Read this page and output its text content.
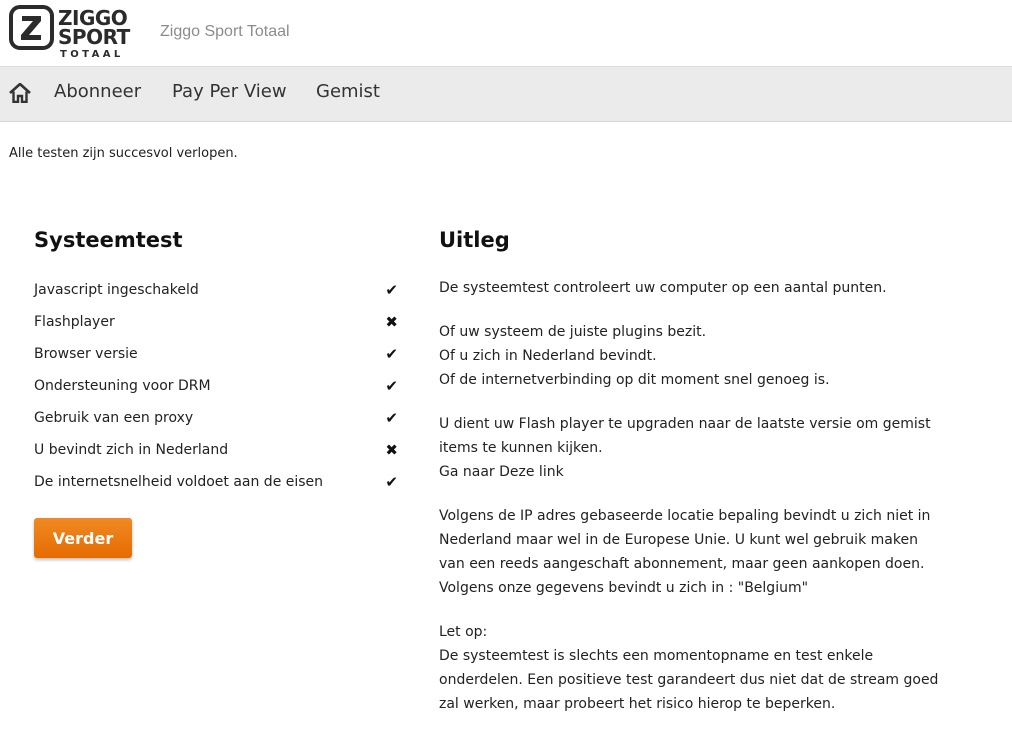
ZIGGO
SPORT
TOTAAL
Ziggo Sport Totaal
Abonneer Pay Per View Gemist
Alle testen zijn succesvol verlopen.
Systeemtest
Javascript ingeschakeld	✔
Flashplayer	✖
Browser versie	✔
Ondersteuning voor DRM	✔
Gebruik van een proxy	✔
U bevindt zich in Nederland	✖
De internetsnelheid voldoet aan de eisen	✔
Verder
Uitleg

De systeemtest controleert uw computer op een aantal punten.

Of uw systeem de juiste plugins bezit.
Of u zich in Nederland bevindt.
Of de internetverbinding op dit moment snel genoeg is.

U dient uw Flash player te upgraden naar de laatste versie om gemist items te kunnen kijken.
Ga naar Deze link

Volgens de IP adres gebaseerde locatie bepaling bevindt u zich niet in Nederland maar wel in de Europese Unie. U kunt wel gebruik maken van een reeds aangeschaft abonnement, maar geen aankopen doen.
Volgens onze gegevens bevindt u zich in : "Belgium"

Let op:
De systeemtest is slechts een momentopname en test enkele onderdelen. Een positieve test garandeert dus niet dat de stream goed zal werken, maar probeert het risico hierop te beperken.
